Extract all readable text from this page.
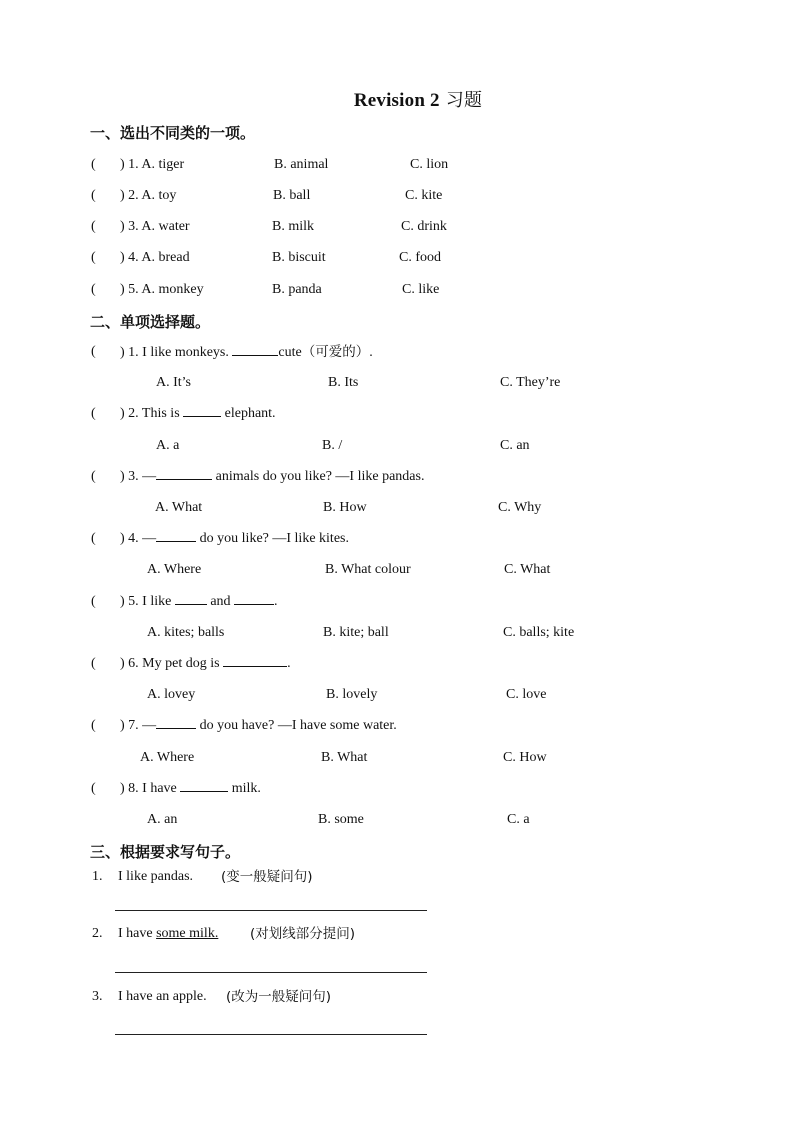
Revision 2 习题
一、选出不同类的一项。
( ) 1. A. tiger	B. animal	C. lion
( ) 2. A. toy	B. ball	C. kite
( ) 3. A. water	B. milk	C. drink
( ) 4. A. bread	B. biscuit	C. food
( ) 5. A. monkey	B. panda	C. like
二、单项选择题。
( ) 1. I like monkeys.	cute（可爱的）.
A. It’s	B. Its	C. They’re
( ) 2. This is	elephant.
A. a	B. /	C. an
( ) 3. —	animals do you like? —I like pandas.
A. What	B. How	C. Why
( ) 4. —	do you like? —I like kites.
A. Where	B. What colour	C. What
( ) 5. I like  and	.
A. kites; balls	B. kite; ball	C. balls; kite
( ) 6. My pet dog is	.
A. lovey	B. lovely	C. love
( ) 7. —	do you have? —I have some water.
A. Where	B. What	C. How
( ) 8. I have	milk.
A. an	B. some	C. a
三、根据要求写句子。
1. I like pandas. (变一般疑问句)
2. I have some milk. (对划线部分提问)
3. I have an apple. (改为一般疑问句)
